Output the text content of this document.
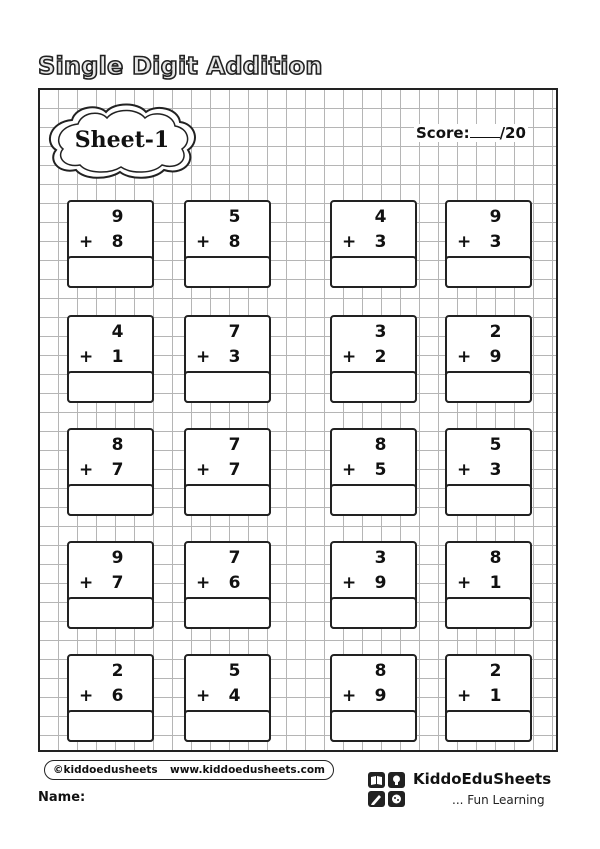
Single Digit Addition
Sheet-1	Score: /20
9
+	8
5
+	8
4
+	3
9
+	3
4
+	1
7
+	3
3
+	2
2
+	9
8
+	7
7
+	7
8
+	5
5
+	3
9
+	7
7
+	6
3
+	9
8
+	1
2
+	6
5
+	4
8
+	9
2
+	1
©kiddoedusheets www.kiddoedusheets.com
Name:
KiddoEduSheets
... Fun Learning
